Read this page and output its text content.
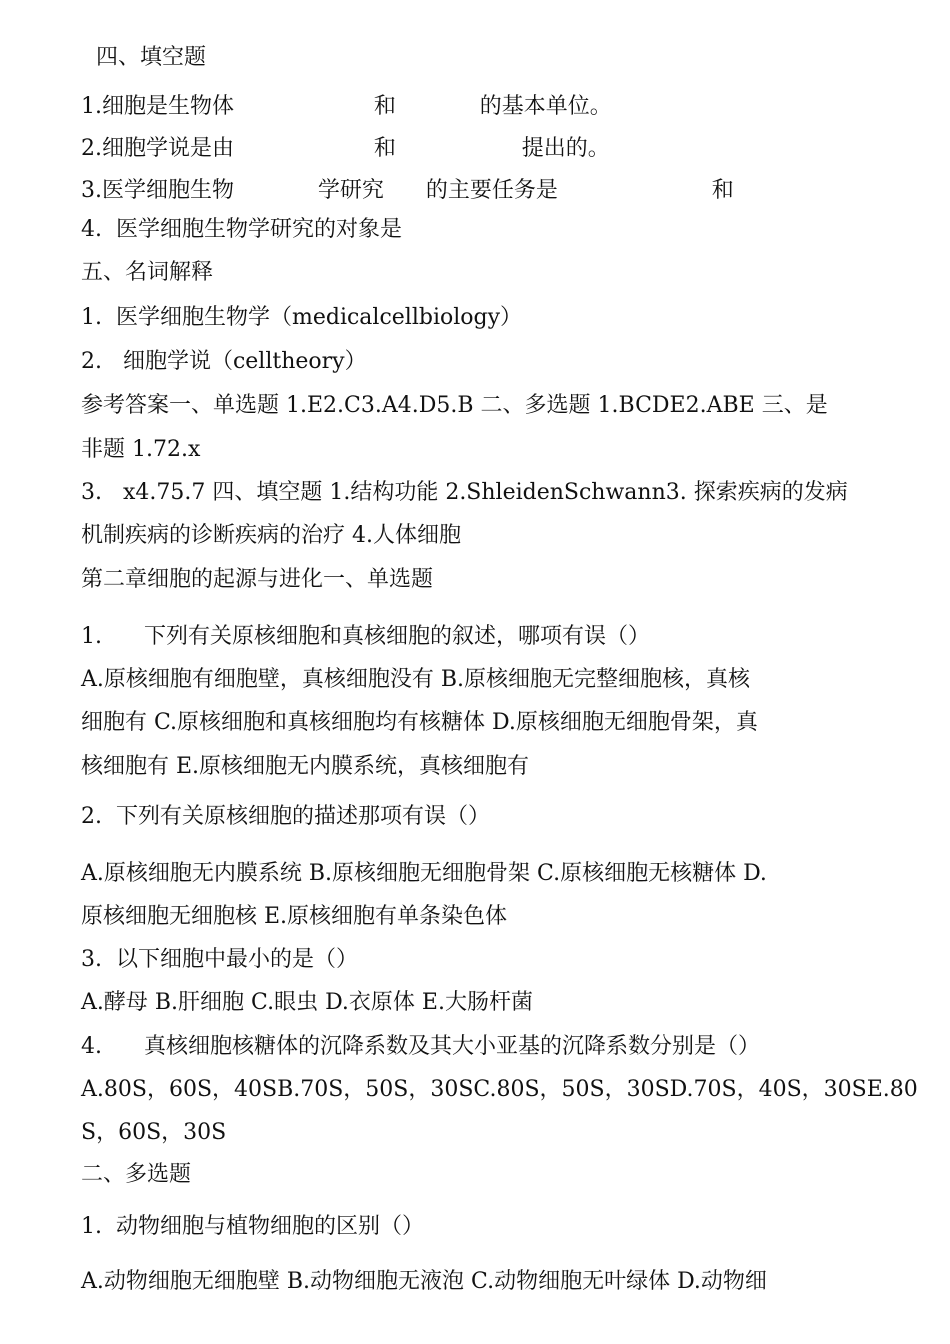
四、填空题
1.细胞是生物体                    和            的基本单位。
2.细胞学说是由                    和                  提出的。
3.医学细胞生物            学研究      的主要任务是                      和
4.  医学细胞生物学研究的对象是
五、名词解释
1.  医学细胞生物学（medicalcellbiology）
2.   细胞学说（celltheory）
参考答案一、单选题 1.E2.C3.A4.D5.B 二、多选题 1.BCDE2.ABE 三、是
非题 1.72.x
3.   x4.75.7 四、填空题 1.结构功能 2.ShleidenSchwann3. 探索疾病的发病
机制疾病的诊断疾病的治疗 4.人体细胞
第二章细胞的起源与进化一、单选题
1.      下列有关原核细胞和真核细胞的叙述，哪项有误（）
A.原核细胞有细胞壁，真核细胞没有 B.原核细胞无完整细胞核，真核
细胞有 C.原核细胞和真核细胞均有核糖体 D.原核细胞无细胞骨架，真
核细胞有 E.原核细胞无内膜系统，真核细胞有
2.  下列有关原核细胞的描述那项有误（）
A.原核细胞无内膜系统 B.原核细胞无细胞骨架 C.原核细胞无核糖体 D.
原核细胞无细胞核 E.原核细胞有单条染色体
3.  以下细胞中最小的是（）
A.酵母 B.肝细胞 C.眼虫 D.衣原体 E.大肠杆菌
4.      真核细胞核糖体的沉降系数及其大小亚基的沉降系数分别是（）
A.80S，60S，40SB.70S，50S，30SC.80S，50S，30SD.70S，40S，30SE.80
S，60S，30S
二、多选题
1.  动物细胞与植物细胞的区别（）
A.动物细胞无细胞壁 B.动物细胞无液泡 C.动物细胞无叶绿体 D.动物细
